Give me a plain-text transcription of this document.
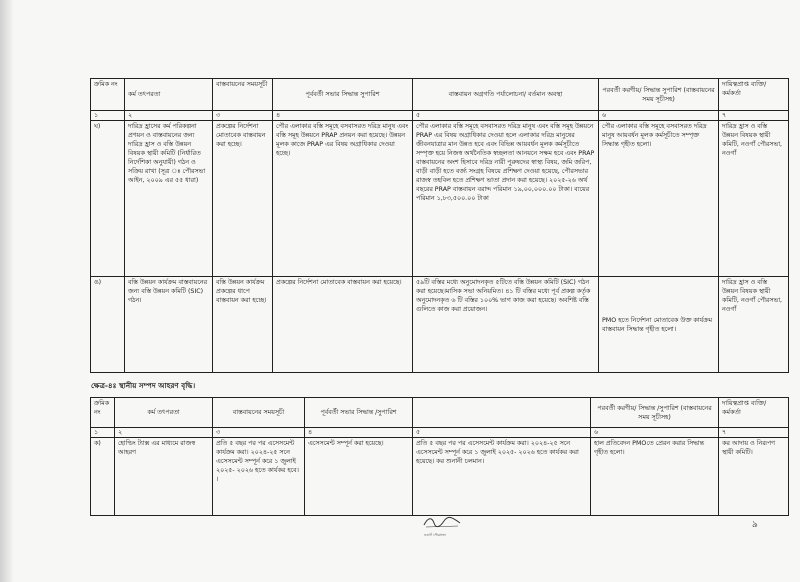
ক্রমিক নং	কর্ম তৎপরতা	বাস্তবায়নের সময়সূচী	পূর্ববর্তী সভার সিদ্ধান্ত সুপারিশ	বাস্তবায়ন অগ্রগতি পর্যালোচনা/ বর্তমান অবস্থা	পরবর্তী করণীয়/ সিদ্ধান্ত সুপারিশ (বাস্তবায়নের সময় সূচীসহ)	দায়িত্বপ্রাপ্ত ব্যক্তি/ কর্মকর্তা
১	২	৩	৪	৫	৬	৭
ঘ)	দারিদ্র হ্রাসের কর্ম পরিকল্পনা প্রণয়ন ও বাস্তবায়নের জন্য দারিদ্র হ্রাস ও বস্তি উন্নয়ন বিষয়ক স্থায়ী কমিটি (নির্ধারিত নির্দেশিকা অনুযায়ী) গঠন ও সক্রিয় রাখা (সূত্র ঃ পৌরসভা আইন, ২০০৯ এর ৫৫ ধারা)	প্রকল্পের নির্দেশনা মোতাবেক বাস্তবায়ন করা হচ্ছে।	পৌর এলাকার বস্তি সমূহে বসবাসরত দরিদ্র মানুষ এবং বস্তি সমূহ উন্নয়নে PRAP প্রনয়ন করা হয়েছে। উন্নয়ন মূলক কাজে PRAP এর বিষয় অগ্রাধিকার দেওয়া হচ্ছে।	পৌর এলাকার বস্তি সমূহে বসবাসরত দরিদ্র মানুষ এবং বস্তি সমূহ উন্নয়নে PRAP এর বিষয় অগ্রাধিকার দেওয়া হলে এলাকার দরিদ্র মানুষের জীবনযাত্রার মান উন্নত হবে এবং বিভিন্ন আয়বর্ধন মূলক কর্মসূচীতে সম্পৃক্ত হয়ে নিজস্ব অর্থনৈতিক স্বচ্ছলতা আনয়নে সক্ষম হবে এবং PRAP বাস্তবায়নের অংশ হিসাবে দরিদ্র নারী পুরুষদের স্বাস্থ্য বিষয়, জমি জরিপ, বাড়ী বাড়ী হতে বর্জ্য সংগ্রহ বিষয়ে প্রশিক্ষণ দেওয়া হয়েছে, পৌরসভার রাজস্ব তহবিল হতে প্রশিক্ষণ ভাতা প্রদান করা হয়েছে। ২০২৫-২৬ অর্থ বছরের PRAP বাস্তবায়ন বরাদ্দ পরিমান ১৯,০০,০০০.০০ টাকা। ব্যয়ের পরিমান ১,৮৩,৫০০.০০ টাকা	পৌর এলাকার বস্তি সমূহে বসবাসরত দরিদ্র মানুষ আয়বর্ধন মূলক কর্মসূচীতে সম্পৃক্ত সিদ্ধান্ত গৃহীত হলো।	দারিদ্র হ্রাস ও বস্তি উন্নয়ন বিষয়ক স্থায়ী কমিটি, নওগাঁ পৌরসভা, নওগাঁ
ঙ)	বস্তি উন্নয়ন কার্যক্রম বাস্তবায়নের জন্য বস্তি উন্নয়ন কমিটি (SIC) গঠন।	বস্তি উন্নয়ন কার্যক্রম প্রকল্পের ধাপে বাস্তবায়ন করা হচ্ছে।	প্রকল্পের নির্দেশনা মোতাবেক বাস্তবায়ন করা হয়েছে।	৫৯টি বস্তির মধ্যে অনুমোদনকৃত ৫টিতে বস্তি উন্নয়ন কমিটি (SIC) গঠন করা হয়েছে।মাসিক সভা অনিয়মিত। ৪১ টি বস্তির মধ্যে পূর্ব প্রকল্প কর্তৃক অনুমোদনকৃত ৬ টি বস্তির ১০০% ভাগ কাজ করা হয়েছে। অবশিষ্ট বস্তি গুলিতে কাজ করা প্রয়োজন।	PMO হতে নির্দেশনা মোতাবেক উক্ত কার্যক্রম বাস্তবায়ন সিদ্ধান্ত গৃহীত হলো।	দারিদ্র হ্রাস ও বস্তি উন্নয়ন বিষয়ক স্থায়ী কমিটি, নওগাঁ পৌরসভা, নওগাঁ
ক্ষেত্র-৪ঃ স্থানীয় সম্পদ আহরণ বৃদ্ধি।
ক্রমিক নং	কর্ম তৎপরতা	বাস্তবায়নের সময়সূচী	পূর্ববর্তী সভার সিদ্ধান্ত /সুপারিশ		পরবর্তী করণীয়/ সিদ্ধান্ত /সুপারিশ (বাস্তবায়নের সময় সূচীসহ)	দায়িত্বপ্রাপ্ত ব্যক্তি/ কর্মকর্তা
১	২	৩	৪	৫	৬	৭
ক)	হোল্ডিং ট্যাক্স এর মাধ্যমে রাজস্ব আহরণ	প্রতি ৫ বছর পর পর এসেসমেন্ট কার্যক্রম করা। ২০২৪-২৫ সনে এসেসমেন্ট সম্পূর্ন করে ১ জুলাই ২০২৫- ২০২৬ হতে কার্যকর হবে। ।	এসেসমেন্ট সম্পূর্ন করা হয়েছে।	প্রতি ৫ বছর পর পর এসেসমেন্ট কার্যক্রম করা। ২০২৪-২৫ সনে এসেসমেন্ট সম্পূর্ন করে ১ জুলাই ২০২৫- ২০২৬ হতে কার্যকর করা হয়েছে। কর শুনানী চলমান।	হাল প্রতিবেদন PMOতে প্রেরন করার সিদ্ধান্ত গৃহীত হলো।	কর আদায় ও নিরূপণ স্থায়ী কমিটি।
নওগাঁ পৌরসভা
৯
